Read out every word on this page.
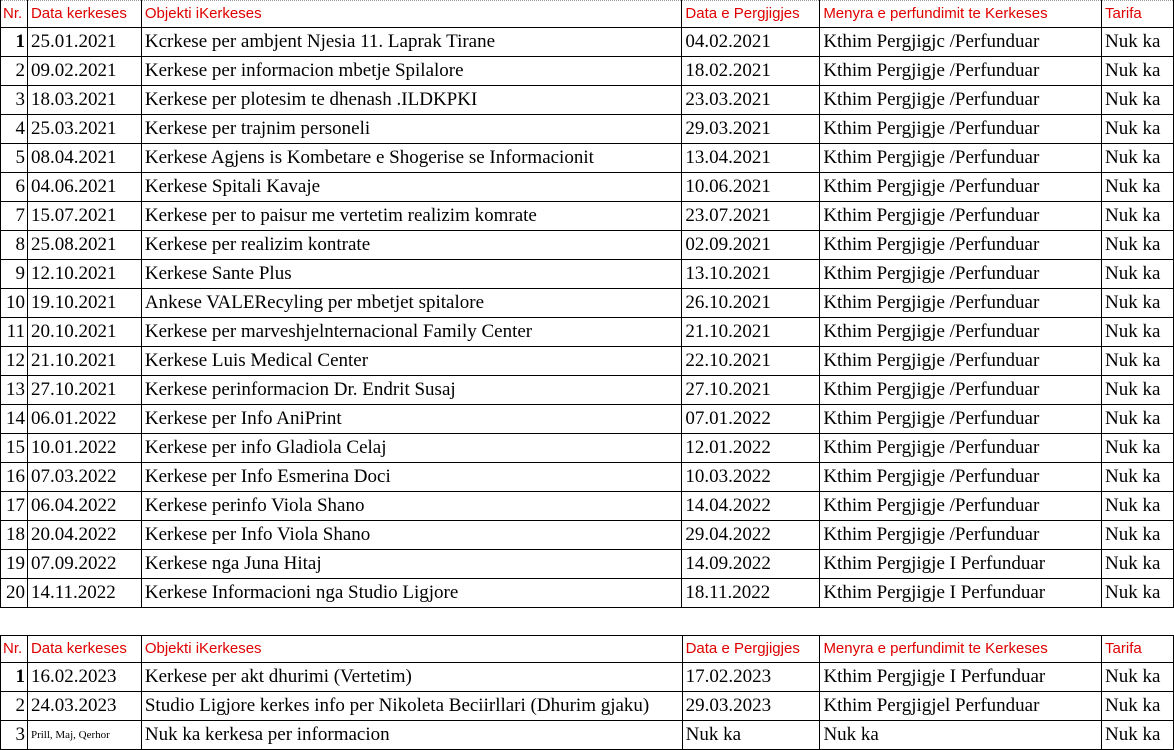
Nr.	Data kerkeses	Objekti iKerkeses	Data e Pergjigjes	Menyra e perfundimit te Kerkeses	Tarifa
1	25.01.2021	Kcrkese per ambjent Njesia 11. Laprak Tirane	04.02.2021	Kthim Pergjigjc /Perfunduar	Nuk ka
2	09.02.2021	Kerkese per informacion mbetje Spilalore	18.02.2021	Kthim Pergjigje /Perfunduar	Nuk ka
3	18.03.2021	Kerkese per plotesim te dhenash .ILDKPKI	23.03.2021	Kthim Pergjigje /Perfunduar	Nuk ka
4	25.03.2021	Kerkese per trajnim personeli	29.03.2021	Kthim Pergjigje /Perfunduar	Nuk ka
5	08.04.2021	Kerkese Agjens is Kombetare e Shogerise se Informacionit	13.04.2021	Kthim Pergjigje /Perfunduar	Nuk ka
6	04.06.2021	Kerkese Spitali Kavaje	10.06.2021	Kthim Pergjigje /Perfunduar	Nuk ka
7	15.07.2021	Kerkese per to paisur me vertetim realizim komrate	23.07.2021	Kthim Pergjigje /Perfunduar	Nuk ka
8	25.08.2021	Kerkese per realizim kontrate	02.09.2021	Kthim Pergjigje /Perfunduar	Nuk ka
9	12.10.2021	Kerkese Sante Plus	13.10.2021	Kthim Pergjigje /Perfunduar	Nuk ka
10	19.10.2021	Ankese VALERecyling per mbetjet spitalore	26.10.2021	Kthim Pergjigje /Perfunduar	Nuk ka
11	20.10.2021	Kerkese per marveshjelnternacional Family Center	21.10.2021	Kthim Pergjigje /Perfunduar	Nuk ka
12	21.10.2021	Kerkese Luis Medical Center	22.10.2021	Kthim Pergjigje /Perfunduar	Nuk ka
13	27.10.2021	Kerkese perinformacion Dr. Endrit Susaj	27.10.2021	Kthim Pergjigje /Perfunduar	Nuk ka
14	06.01.2022	Kerkese per Info AniPrint	07.01.2022	Kthim Pergjigje /Perfunduar	Nuk ka
15	10.01.2022	Kerkese per info Gladiola Celaj	12.01.2022	Kthim Pergjigje /Perfunduar	Nuk ka
16	07.03.2022	Kerkese per Info Esmerina Doci	10.03.2022	Kthim Pergjigje /Perfunduar	Nuk ka
17	06.04.2022	Kerkese perinfo Viola Shano	14.04.2022	Kthim Pergjigje /Perfunduar	Nuk ka
18	20.04.2022	Kerkese per Info Viola Shano	29.04.2022	Kthim Pergjigje /Perfunduar	Nuk ka
19	07.09.2022	Kerkese nga Juna Hitaj	14.09.2022	Kthim Pergjigje I Perfunduar	Nuk ka
20	14.11.2022	Kerkese Informacioni nga Studio Ligjore	18.11.2022	Kthim Pergjigje I Perfunduar	Nuk ka
Nr.	Data kerkeses	Objekti iKerkeses	Data e Pergjigjes	Menyra e perfundimit te Kerkeses	Tarifa
1	16.02.2023	Kerkese per akt dhurimi (Vertetim)	17.02.2023	Kthim Pergjigje I Perfunduar	Nuk ka
2	24.03.2023	Studio Ligjore kerkes info per Nikoleta Beciirllari (Dhurim gjaku)	29.03.2023	Kthim Pergjigjel Perfunduar	Nuk ka
3	Prill, Maj, Qerhor	Nuk ka kerkesa per informacion	Nuk ka	Nuk ka	Nuk ka
